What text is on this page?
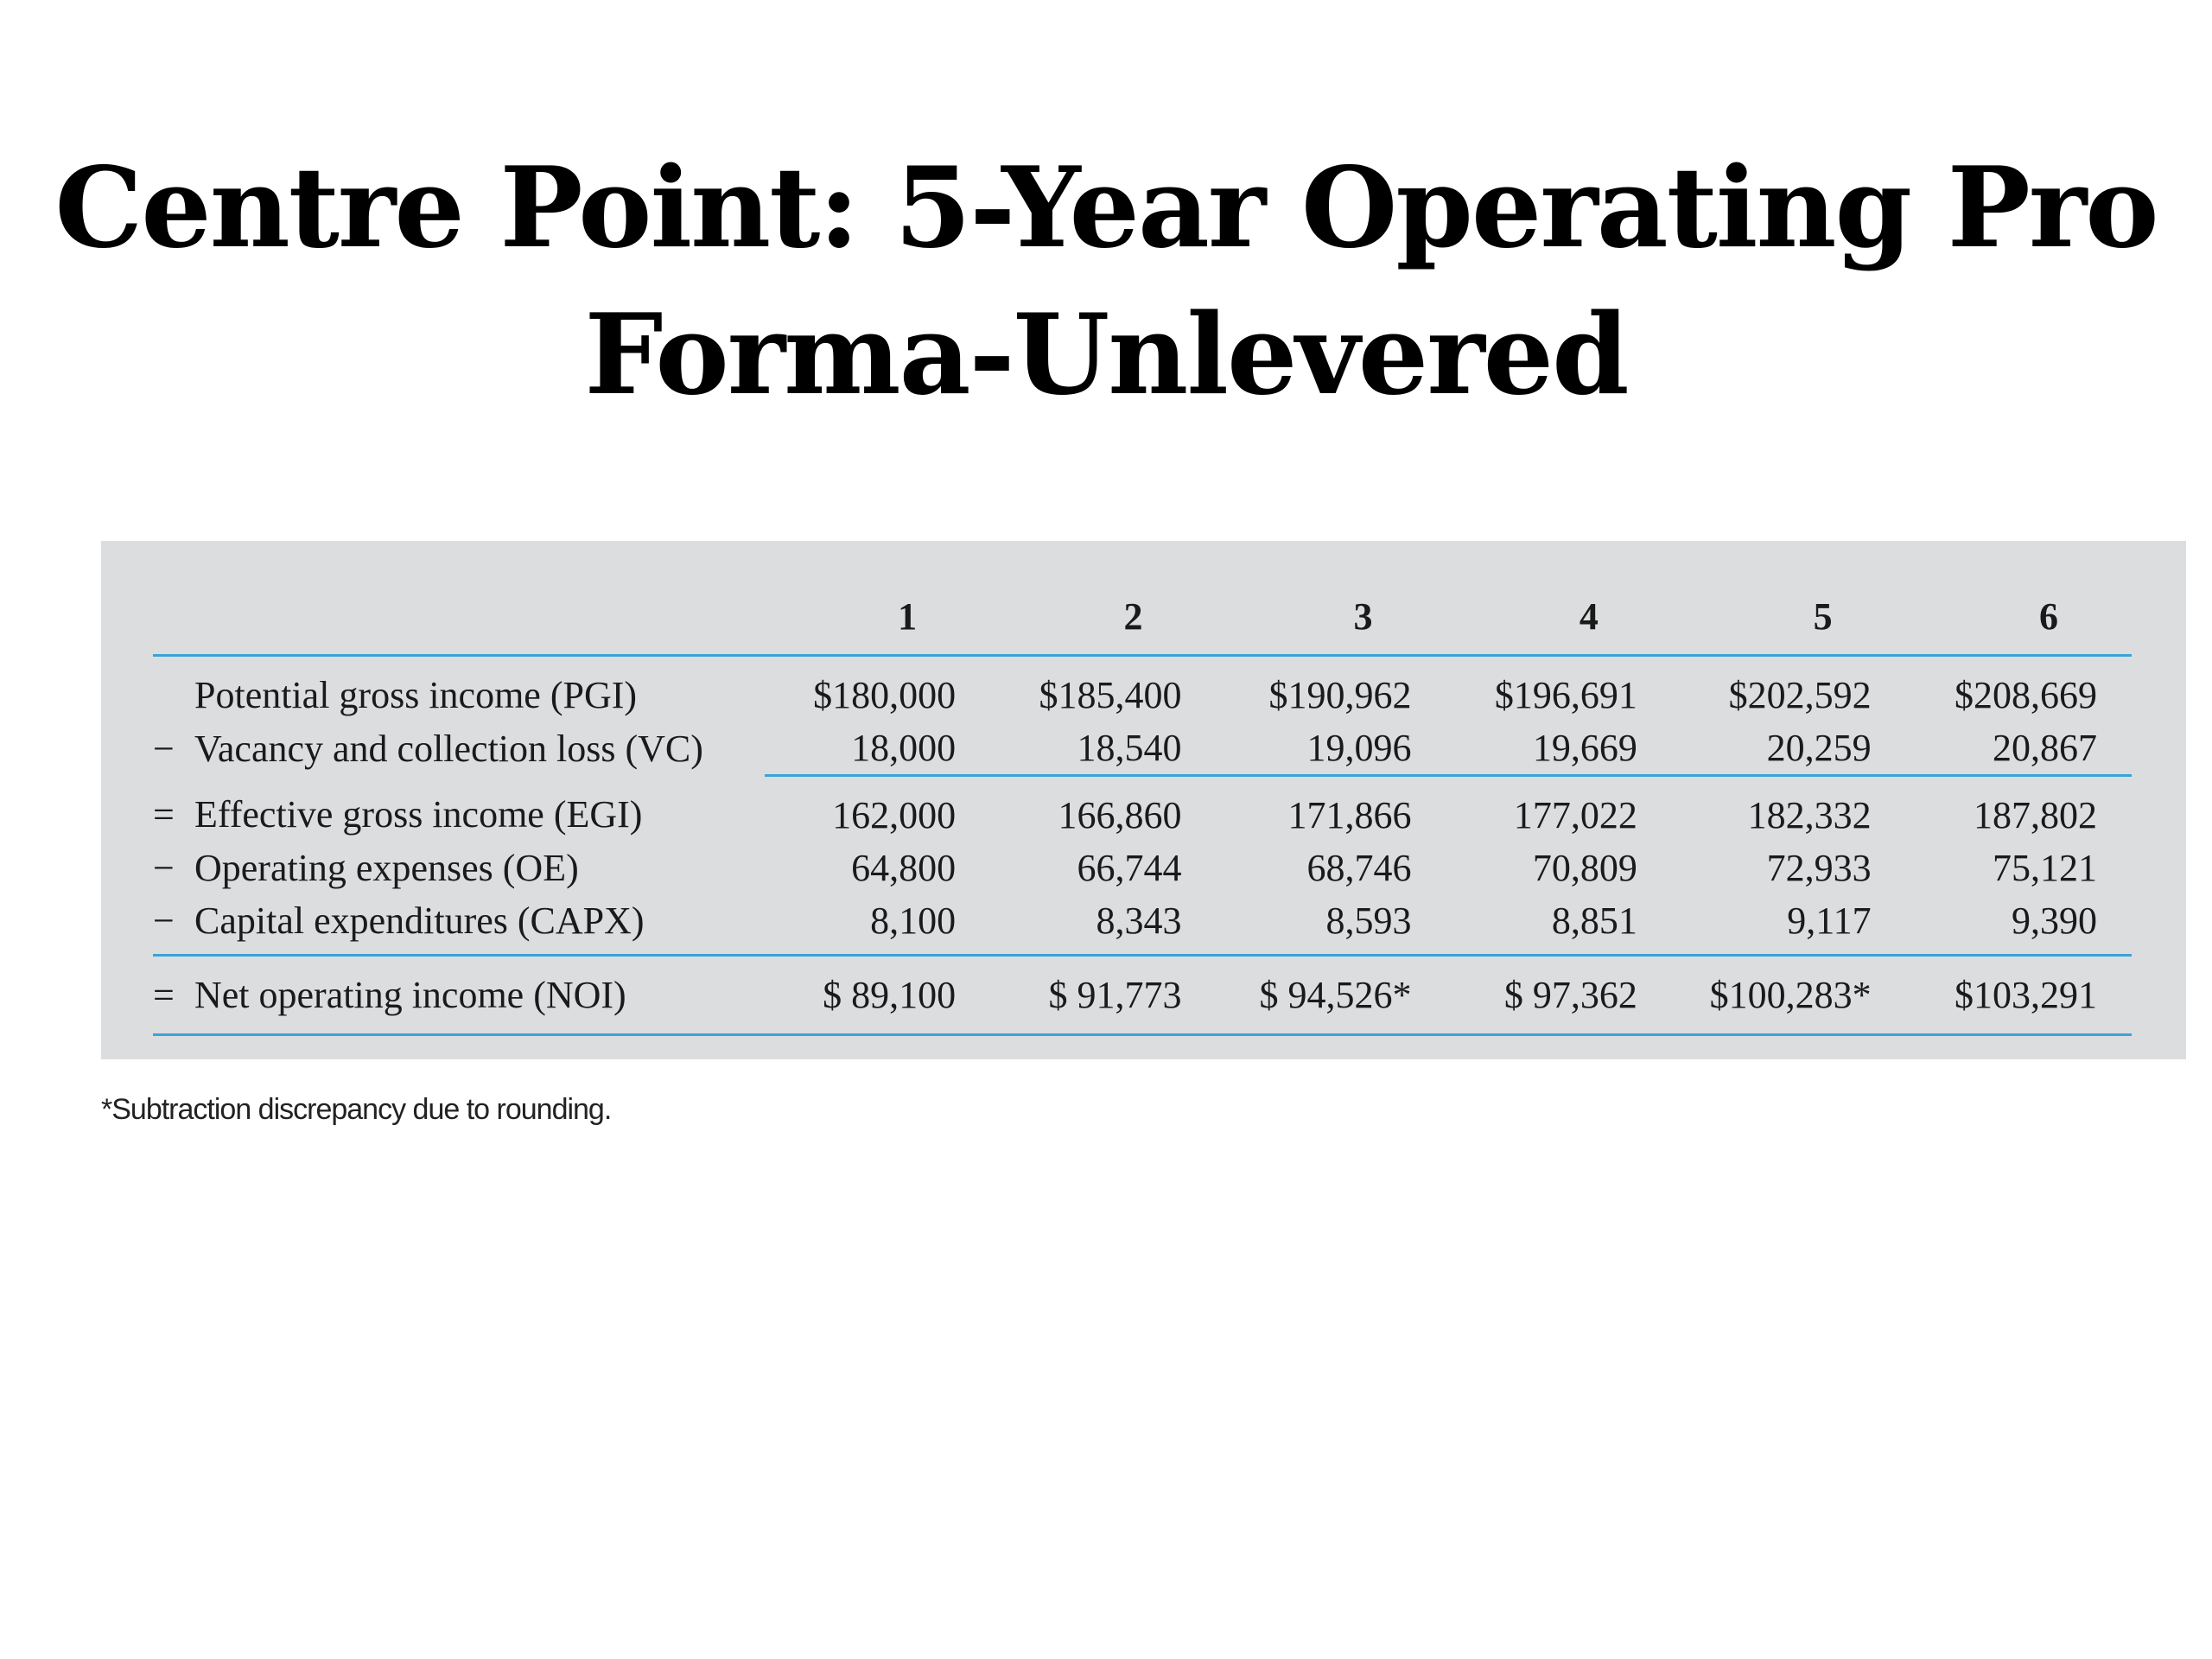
Centre Point: 5-Year Operating Pro
Forma-Unlevered
	1	2	3	4	5	6
Potential gross income (PGI)	$180,000	$185,400	$190,962	$196,691	$202,592	$208,669
− Vacancy and collection loss (VC)	18,000	18,540	19,096	19,669	20,259	20,867
= Effective gross income (EGI)	162,000	166,860	171,866	177,022	182,332	187,802
− Operating expenses (OE)	64,800	66,744	68,746	70,809	72,933	75,121
− Capital expenditures (CAPX)	8,100	8,343	8,593	8,851	9,117	9,390
= Net operating income (NOI)	$ 89,100	$ 91,773	$ 94,526*	$ 97,362	$100,283*	$103,291
*Subtraction discrepancy due to rounding.
